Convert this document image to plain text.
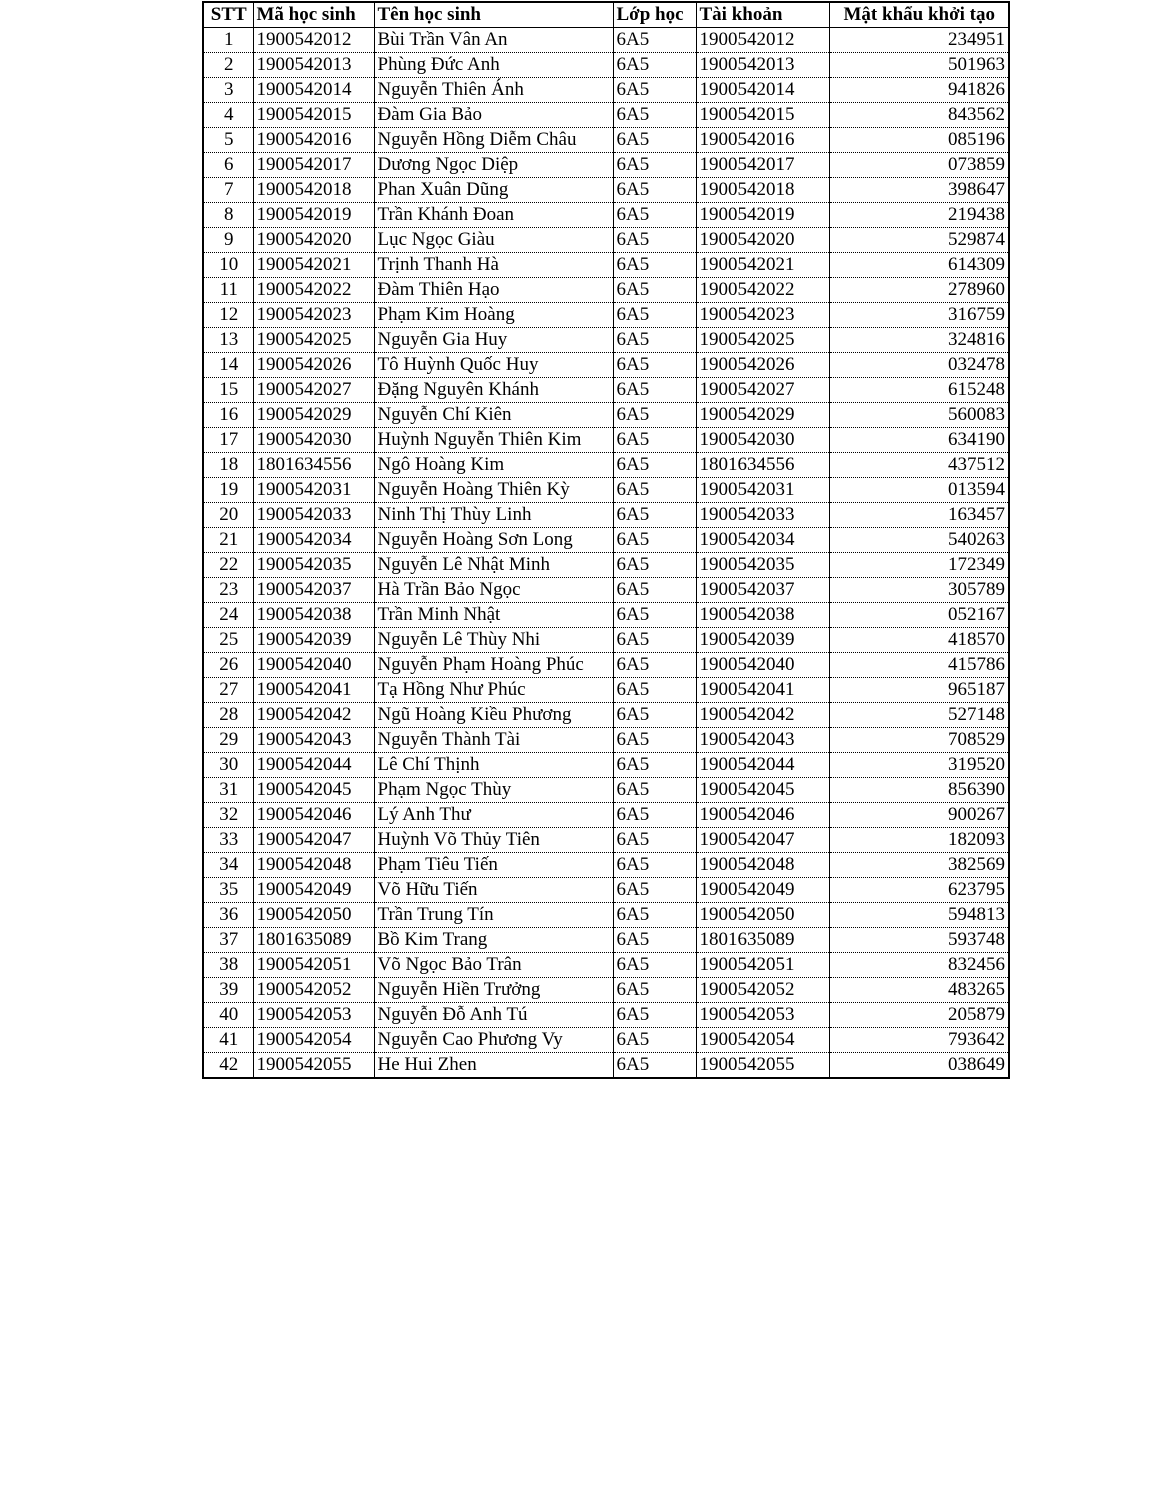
STT	Mã học sinh	Tên học sinh	Lớp học	Tài khoản	Mật khẩu khởi tạo
1	1900542012	Bùi Trần Vân An	6A5	1900542012	234951
2	1900542013	Phùng Đức Anh	6A5	1900542013	501963
3	1900542014	Nguyễn Thiên Ánh	6A5	1900542014	941826
4	1900542015	Đàm Gia Bảo	6A5	1900542015	843562
5	1900542016	Nguyễn Hồng Diễm Châu	6A5	1900542016	085196
6	1900542017	Dương Ngọc Diệp	6A5	1900542017	073859
7	1900542018	Phan Xuân Dũng	6A5	1900542018	398647
8	1900542019	Trần Khánh Đoan	6A5	1900542019	219438
9	1900542020	Lục Ngọc Giàu	6A5	1900542020	529874
10	1900542021	Trịnh Thanh Hà	6A5	1900542021	614309
11	1900542022	Đàm Thiên Hạo	6A5	1900542022	278960
12	1900542023	Phạm Kim Hoàng	6A5	1900542023	316759
13	1900542025	Nguyễn Gia Huy	6A5	1900542025	324816
14	1900542026	Tô Huỳnh Quốc Huy	6A5	1900542026	032478
15	1900542027	Đặng Nguyên Khánh	6A5	1900542027	615248
16	1900542029	Nguyễn Chí Kiên	6A5	1900542029	560083
17	1900542030	Huỳnh Nguyễn Thiên Kim	6A5	1900542030	634190
18	1801634556	Ngô Hoàng Kim	6A5	1801634556	437512
19	1900542031	Nguyễn Hoàng Thiên Kỳ	6A5	1900542031	013594
20	1900542033	Ninh Thị Thùy Linh	6A5	1900542033	163457
21	1900542034	Nguyễn Hoàng Sơn Long	6A5	1900542034	540263
22	1900542035	Nguyễn Lê Nhật Minh	6A5	1900542035	172349
23	1900542037	Hà Trần Bảo Ngọc	6A5	1900542037	305789
24	1900542038	Trần Minh Nhật	6A5	1900542038	052167
25	1900542039	Nguyễn Lê Thùy Nhi	6A5	1900542039	418570
26	1900542040	Nguyễn Phạm Hoàng Phúc	6A5	1900542040	415786
27	1900542041	Tạ Hồng Như Phúc	6A5	1900542041	965187
28	1900542042	Ngũ Hoàng Kiều Phương	6A5	1900542042	527148
29	1900542043	Nguyễn Thành Tài	6A5	1900542043	708529
30	1900542044	Lê Chí Thịnh	6A5	1900542044	319520
31	1900542045	Phạm Ngọc Thùy	6A5	1900542045	856390
32	1900542046	Lý Anh Thư	6A5	1900542046	900267
33	1900542047	Huỳnh Võ Thủy Tiên	6A5	1900542047	182093
34	1900542048	Phạm Tiêu Tiến	6A5	1900542048	382569
35	1900542049	Võ Hữu Tiến	6A5	1900542049	623795
36	1900542050	Trần Trung Tín	6A5	1900542050	594813
37	1801635089	Bồ Kim Trang	6A5	1801635089	593748
38	1900542051	Võ Ngọc Bảo Trân	6A5	1900542051	832456
39	1900542052	Nguyễn Hiền Trưởng	6A5	1900542052	483265
40	1900542053	Nguyễn Đỗ Anh Tú	6A5	1900542053	205879
41	1900542054	Nguyễn Cao Phương Vy	6A5	1900542054	793642
42	1900542055	He Hui Zhen	6A5	1900542055	038649
